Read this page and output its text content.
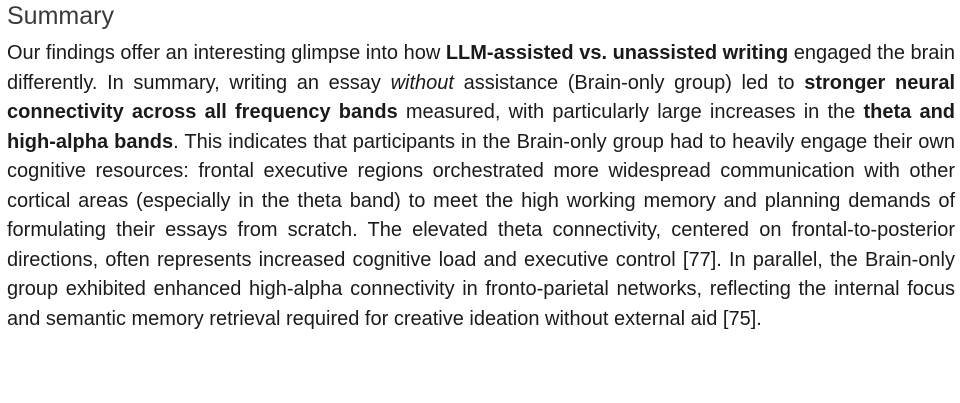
Summary

Our findings offer an interesting glimpse into how LLM-assisted vs. unassisted writing engaged the brain differently. In summary, writing an essay without assistance (Brain-only group) led to stronger neural connectivity across all frequency bands measured, with particularly large increases in the theta and high-alpha bands. This indicates that participants in the Brain-only group had to heavily engage their own cognitive resources: frontal executive regions orchestrated more widespread communication with other cortical areas (especially in the theta band) to meet the high working memory and planning demands of formulating their essays from scratch. The elevated theta connectivity, centered on frontal-to-posterior directions, often represents increased cognitive load and executive control [77]. In parallel, the Brain-only group exhibited enhanced high-alpha connectivity in fronto-parietal networks, reflecting the internal focus and semantic memory retrieval required for creative ideation without external aid [75].
